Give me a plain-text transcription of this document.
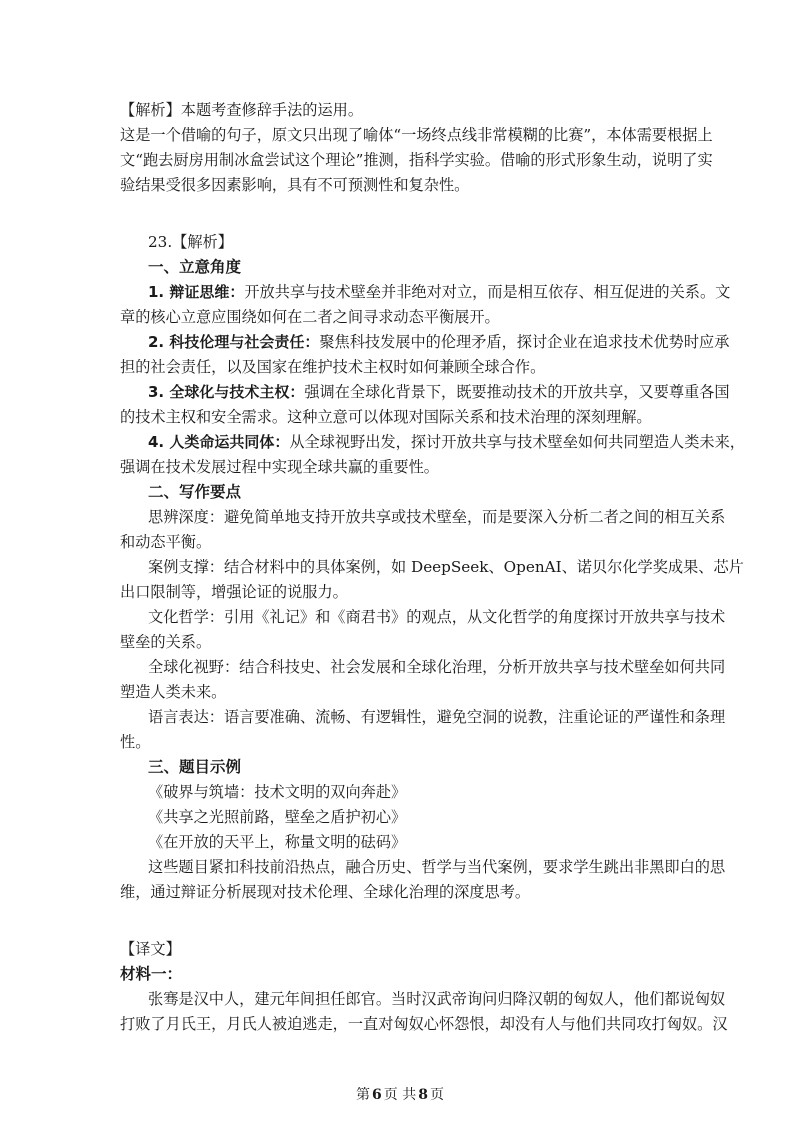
【解析】本题考查修辞手法的运用。

这是一个借喻的句子，原文只出现了喻体“一场终点线非常模糊的比赛”，本体需要根据上

文“跑去厨房用制冰盒尝试这个理论”推测，指科学实验。借喻的形式形象生动，说明了实

验结果受很多因素影响，具有不可预测性和复杂性。

23.【解析】

一、立意角度

1. 辩证思维：开放共享与技术壁垒并非绝对对立，而是相互依存、相互促进的关系。文

章的核心立意应围绕如何在二者之间寻求动态平衡展开。

2. 科技伦理与社会责任：聚焦科技发展中的伦理矛盾，探讨企业在追求技术优势时应承

担的社会责任，以及国家在维护技术主权时如何兼顾全球合作。

3. 全球化与技术主权：强调在全球化背景下，既要推动技术的开放共享，又要尊重各国

的技术主权和安全需求。这种立意可以体现对国际关系和技术治理的深刻理解。

4. 人类命运共同体：从全球视野出发，探讨开放共享与技术壁垒如何共同塑造人类未来，

强调在技术发展过程中实现全球共赢的重要性。

二、写作要点

思辨深度：避免简单地支持开放共享或技术壁垒，而是要深入分析二者之间的相互关系

和动态平衡。

案例支撑：结合材料中的具体案例，如 DeepSeek、OpenAI、诺贝尔化学奖成果、芯片

出口限制等，增强论证的说服力。

文化哲学：引用《礼记》和《商君书》的观点，从文化哲学的角度探讨开放共享与技术

壁垒的关系。

全球化视野：结合科技史、社会发展和全球化治理，分析开放共享与技术壁垒如何共同

塑造人类未来。

语言表达：语言要准确、流畅、有逻辑性，避免空洞的说教，注重论证的严谨性和条理

性。

三、题目示例

《破界与筑墙：技术文明的双向奔赴》

《共享之光照前路，壁垒之盾护初心》

《在开放的天平上，称量文明的砝码》

这些题目紧扣科技前沿热点，融合历史、哲学与当代案例，要求学生跳出非黑即白的思

维，通过辩证分析展现对技术伦理、全球化治理的深度思考。

【译文】

材料一：

张骞是汉中人，建元年间担任郎官。当时汉武帝询问归降汉朝的匈奴人，他们都说匈奴

打败了月氏王，月氏人被迫逃走，一直对匈奴心怀怨恨，却没有人与他们共同攻打匈奴。汉

第 6 页 共 8 页
